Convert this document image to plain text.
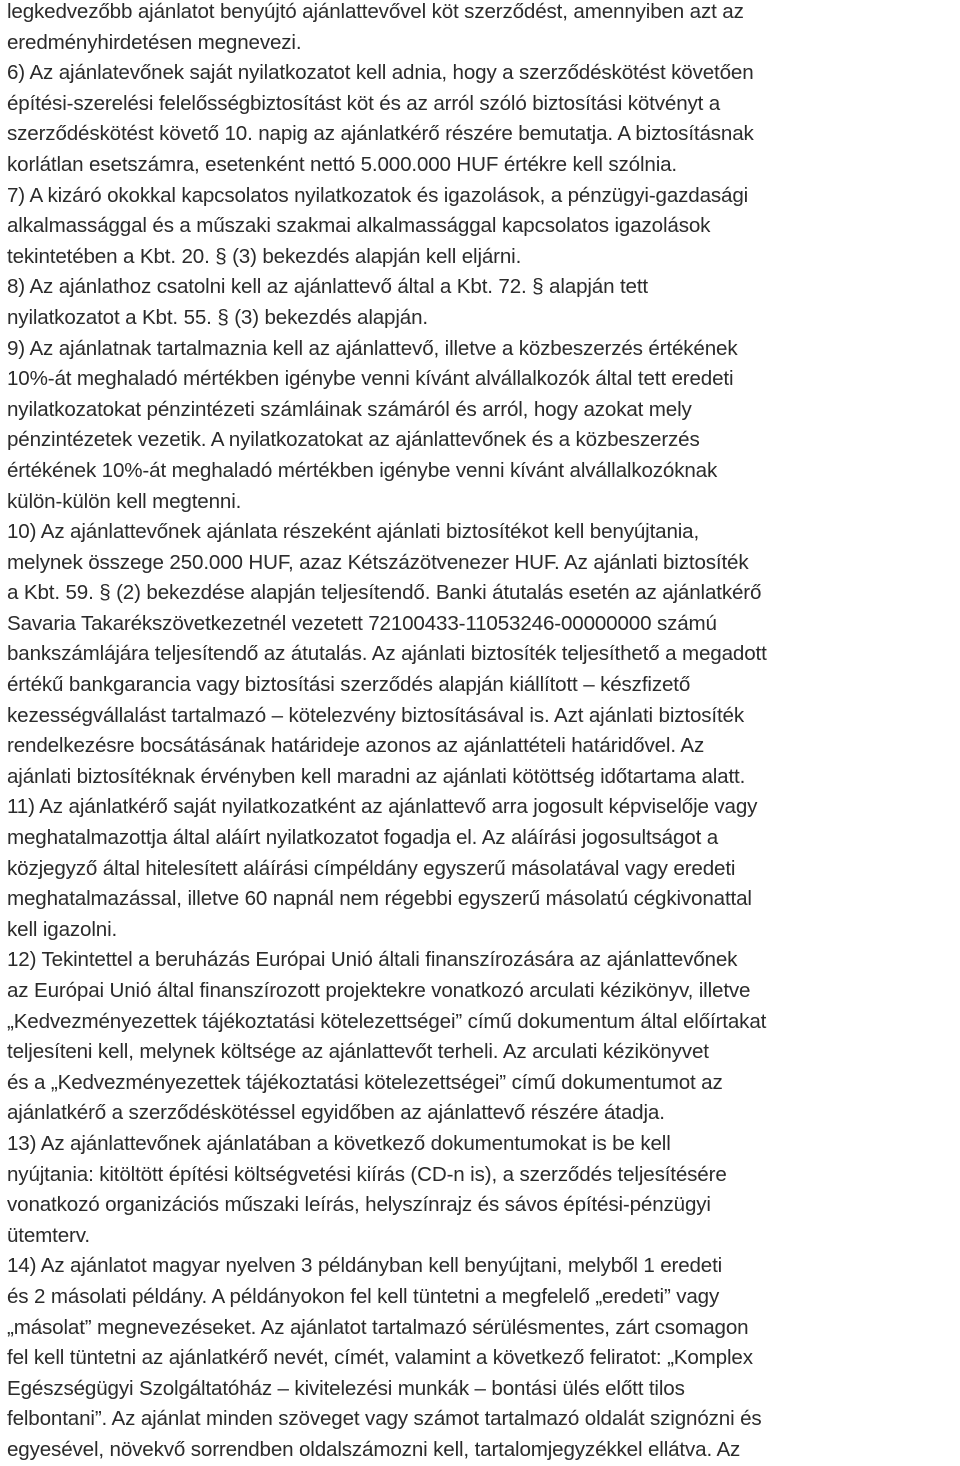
legkedvezőbb ajánlatot benyújtó ajánlattevővel köt szerződést, amennyiben azt az
eredményhirdetésen megnevezi.
6) Az ajánlatevőnek saját nyilatkozatot kell adnia, hogy a szerződéskötést követően
építési-szerelési felelősségbiztosítást köt és az arról szóló biztosítási kötvényt a
szerződéskötést követő 10. napig az ajánlatkérő részére bemutatja. A biztosításnak
korlátlan esetszámra, esetenként nettó 5.000.000 HUF értékre kell szólnia.
7) A kizáró okokkal kapcsolatos nyilatkozatok és igazolások, a pénzügyi-gazdasági
alkalmassággal és a műszaki szakmai alkalmassággal kapcsolatos igazolások
tekintetében a Kbt. 20. § (3) bekezdés alapján kell eljárni.
8) Az ajánlathoz csatolni kell az ajánlattevő által a Kbt. 72. § alapján tett
nyilatkozatot a Kbt. 55. § (3) bekezdés alapján.
9) Az ajánlatnak tartalmaznia kell az ajánlattevő, illetve a közbeszerzés értékének
10%-át meghaladó mértékben igénybe venni kívánt alvállalkozók által tett eredeti
nyilatkozatokat pénzintézeti számláinak számáról és arról, hogy azokat mely
pénzintézetek vezetik. A nyilatkozatokat az ajánlattevőnek és a közbeszerzés
értékének 10%-át meghaladó mértékben igénybe venni kívánt alvállalkozóknak
külön-külön kell megtenni.
10) Az ajánlattevőnek ajánlata részeként ajánlati biztosítékot kell benyújtania,
melynek összege 250.000 HUF, azaz Kétszázötvenezer HUF. Az ajánlati biztosíték
a Kbt. 59. § (2) bekezdése alapján teljesítendő. Banki átutalás esetén az ajánlatkérő
Savaria Takarékszövetkezetnél vezetett 72100433-11053246-00000000 számú
bankszámlájára teljesítendő az átutalás. Az ajánlati biztosíték teljesíthető a megadott
értékű bankgarancia vagy biztosítási szerződés alapján kiállított – készfizető
kezességvállalást tartalmazó – kötelezvény biztosításával is. Azt ajánlati biztosíték
rendelkezésre bocsátásának határideje azonos az ajánlattételi határidővel. Az
ajánlati biztosítéknak érvényben kell maradni az ajánlati kötöttség időtartama alatt.
11) Az ajánlatkérő saját nyilatkozatként az ajánlattevő arra jogosult képviselője vagy
meghatalmazottja által aláírt nyilatkozatot fogadja el. Az aláírási jogosultságot a
közjegyző által hitelesített aláírási címpéldány egyszerű másolatával vagy eredeti
meghatalmazással, illetve 60 napnál nem régebbi egyszerű másolatú cégkivonattal
kell igazolni.
12) Tekintettel a beruházás Európai Unió általi finanszírozására az ajánlattevőnek
az Európai Unió által finanszírozott projektekre vonatkozó arculati kézikönyv, illetve
„Kedvezményezettek tájékoztatási kötelezettségei” című dokumentum által előírtakat
teljesíteni kell, melynek költsége az ajánlattevőt terheli. Az arculati kézikönyvet
és a „Kedvezményezettek tájékoztatási kötelezettségei” című dokumentumot az
ajánlatkérő a szerződéskötéssel egyidőben az ajánlattevő részére átadja.
13) Az ajánlattevőnek ajánlatában a következő dokumentumokat is be kell
nyújtania: kitöltött építési költségvetési kiírás (CD-n is), a szerződés teljesítésére
vonatkozó organizációs műszaki leírás, helyszínrajz és sávos építési-pénzügyi
ütemterv.
14) Az ajánlatot magyar nyelven 3 példányban kell benyújtani, melyből 1 eredeti
és 2 másolati példány. A példányokon fel kell tüntetni a megfelelő „eredeti” vagy
„másolat” megnevezéseket. Az ajánlatot tartalmazó sérülésmentes, zárt csomagon
fel kell tüntetni az ajánlatkérő nevét, címét, valamint a következő feliratot: „Komplex
Egészségügyi Szolgáltatóház – kivitelezési munkák – bontási ülés előtt tilos
felbontani”. Az ajánlat minden szöveget vagy számot tartalmazó oldalát szignózni és
egyesével, növekvő sorrendben oldalszámozni kell, tartalomjegyzékkel ellátva. Az
